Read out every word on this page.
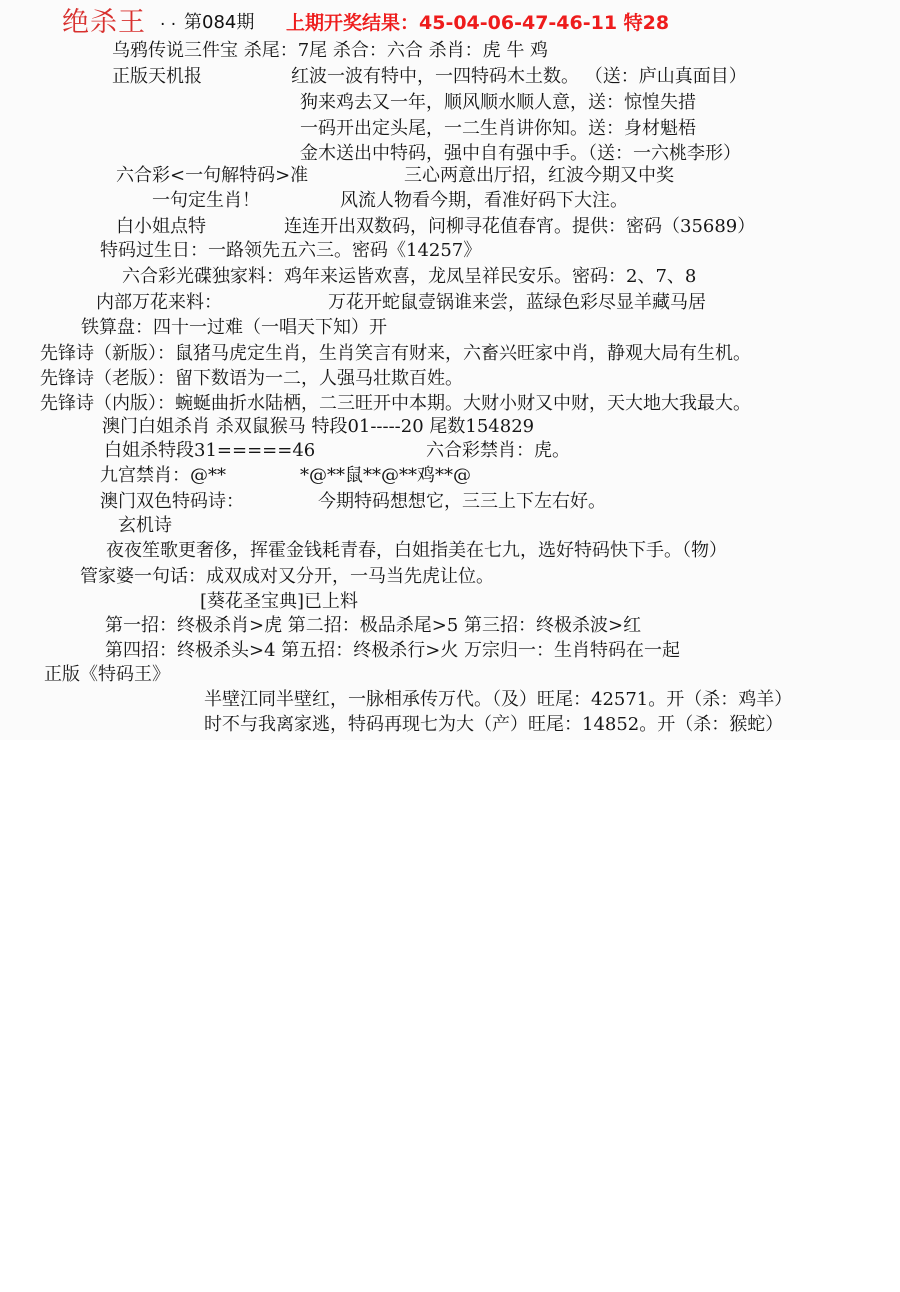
绝杀王 . . 第084期 上期开奖结果：45-04-06-47-46-11 特28
乌鸦传说三件宝 杀尾：7尾 杀合：六合 杀肖：虎 牛 鸡
正版天机报	红波一波有特中，一四特码木土数。 （送：庐山真面目）
狗来鸡去又一年，顺风顺水顺人意，送：惊惶失措
一码开出定头尾，一二生肖讲你知。送：身材魁梧
金木送出中特码，强中自有强中手。（送：一六桃李形）
六合彩<一句解特码>准	三心两意出厅招，红波今期又中奖
一句定生肖！	风流人物看今期，看准好码下大注。
白小姐点特	连连开出双数码，问柳寻花值春宵。提供：密码（35689）
特码过生日：一路领先五六三。密码《14257》
六合彩光碟独家料：鸡年来运皆欢喜，龙凤呈祥民安乐。密码：2、7、8
内部万花来料：	万花开蛇鼠壹锅谁来尝，蓝绿色彩尽显羊藏马居
铁算盘：四十一过难（一唱天下知）开
先锋诗（新版）：鼠猪马虎定生肖，生肖笑言有财来，六畜兴旺家中肖，静观大局有生机。
先锋诗（老版）：留下数语为一二，人强马壮欺百姓。
先锋诗（内版）：蜿蜒曲折水陆栖，二三旺开中本期。大财小财又中财，天大地大我最大。
澳门白姐杀肖 杀双鼠猴马 特段01-----20 尾数154829
白姐杀特段31=====46	六合彩禁肖：虎。
九宫禁肖：@**	*@**鼠**@**鸡**@
澳门双色特码诗：	今期特码想想它，三三上下左右好。
玄机诗
夜夜笙歌更奢侈，挥霍金钱耗青春，白姐指美在七九，选好特码快下手。（物）
管家婆一句话：成双成对又分开，一马当先虎让位。
[葵花圣宝典]已上料
第一招：终极杀肖>虎 第二招：极品杀尾>5 第三招：终极杀波>红
第四招：终极杀头>4 第五招：终极杀行>火 万宗归一：生肖特码在一起
正版《特码王》
半壁江同半壁红，一脉相承传万代。（及）旺尾：42571。开（杀：鸡羊）
时不与我离家逃，特码再现七为大（产）旺尾：14852。开（杀：猴蛇）
